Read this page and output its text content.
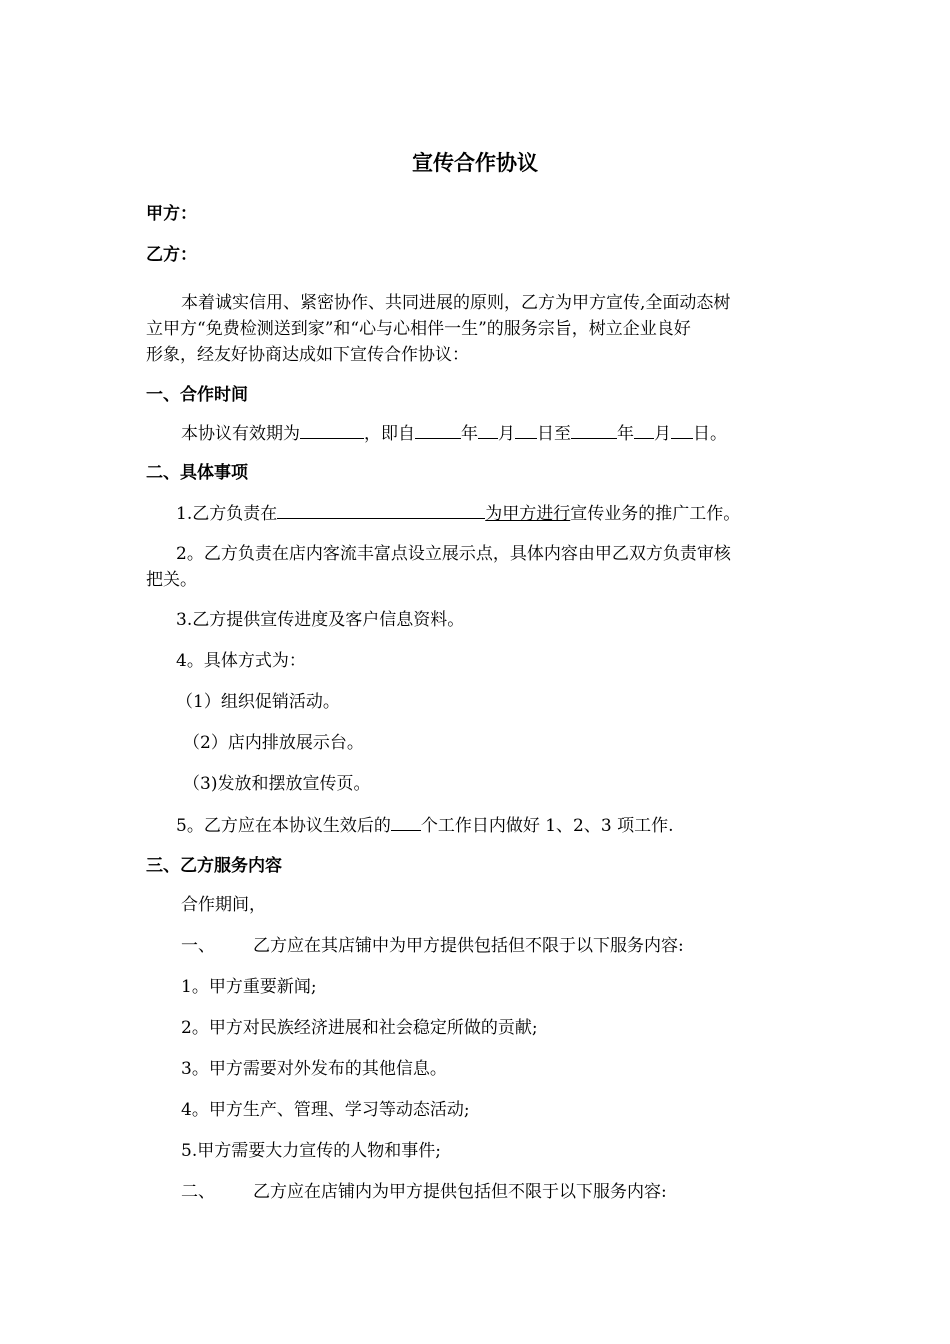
宣传合作协议
甲方：
乙方：
本着诚实信用、紧密协作、共同进展的原则，乙方为甲方宣传,全面动态树
立甲方“免费检测送到家”和“心与心相伴一生”的服务宗旨，树立企业良好
形象，经友好协商达成如下宣传合作协议：
一、合作时间
本协议有效期为	，即自	年 月 日至	年 月 日。
二、具体事项
1.乙方负责在	为甲方进行宣传业务的推广工作。
2。乙方负责在店内客流丰富点设立展示点，具体内容由甲乙双方负责审核
把关。
3.乙方提供宣传进度及客户信息资料。
4。具体方式为：
（1）组织促销活动。
（2）店内排放展示台。
（3)发放和摆放宣传页。
5。乙方应在本协议生效后的 个工作日内做好 1、2、3 项工作.
三、乙方服务内容
合作期间，
一、 乙方应在其店铺中为甲方提供包括但不限于以下服务内容:
1。甲方重要新闻;
2。甲方对民族经济进展和社会稳定所做的贡献;
3。甲方需要对外发布的其他信息。
4。甲方生产、管理、学习等动态活动;
5.甲方需要大力宣传的人物和事件;
二、 乙方应在店铺内为甲方提供包括但不限于以下服务内容:
